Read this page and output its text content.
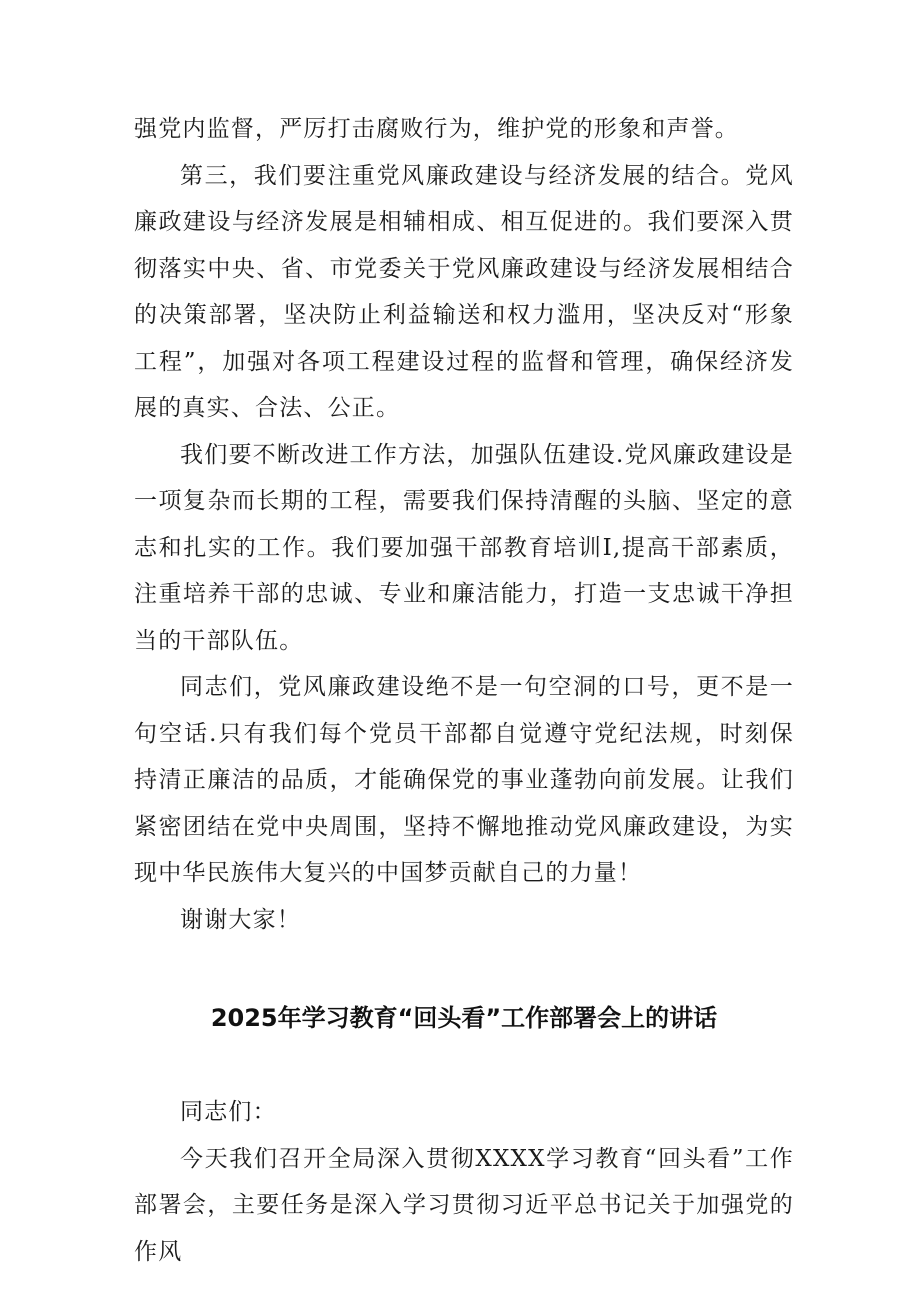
强党内监督，严厉打击腐败行为，维护党的形象和声誉。

第三，我们要注重党风廉政建设与经济发展的结合。党风廉政建设与经济发展是相辅相成、相互促进的。我们要深入贯彻落实中央、省、市党委关于党风廉政建设与经济发展相结合的决策部署，坚决防止利益输送和权力滥用，坚决反对“形象工程”，加强对各项工程建设过程的监督和管理，确保经济发展的真实、合法、公正。

我们要不断改进工作方法，加强队伍建设.党风廉政建设是一项复杂而长期的工程，需要我们保持清醒的头脑、坚定的意志和扎实的工作。我们要加强干部教育培训I,提高干部素质，注重培养干部的忠诚、专业和廉洁能力，打造一支忠诚干净担当的干部队伍。

同志们，党风廉政建设绝不是一句空洞的口号，更不是一句空话.只有我们每个党员干部都自觉遵守党纪法规，时刻保持清正廉洁的品质，才能确保党的事业蓬勃向前发展。让我们紧密团结在党中央周围，坚持不懈地推动党风廉政建设，为实现中华民族伟大复兴的中国梦贡献自己的力量！

谢谢大家！

2025年学习教育“回头看”工作部署会上的讲话

同志们：

今天我们召开全局深入贯彻XXXX学习教育“回头看”工作部署会，主要任务是深入学习贯彻习近平总书记关于加强党的作风
